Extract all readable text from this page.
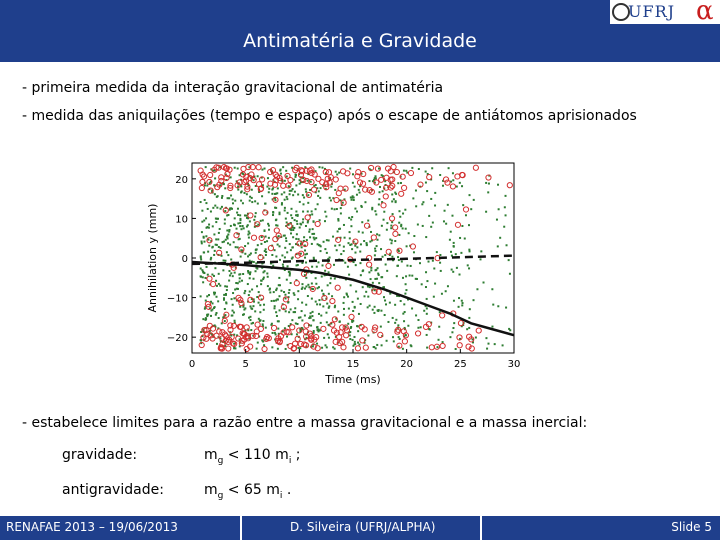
Antimatéria e Gravidade
UFRJ α
- primeira medida da interação gravitacional de antimatéria
- medida das aniquilações (tempo e espaço) após o escape de antiátomos aprisionados
0	5	10	15	20	25	30
20
10
0
−10
−20
Time (ms)
Annihilation y (mm)
- estabelece limites para a razão entre a massa gravitacional e a massa inercial:
gravidade:	$m_g < 110$ $m_i$ ;
antigravidade:	$m_g < 65$ $m_i$ .
RENAFAE 2013 – 19/06/2013	D. Silveira (UFRJ/ALPHA)	Slide 5
